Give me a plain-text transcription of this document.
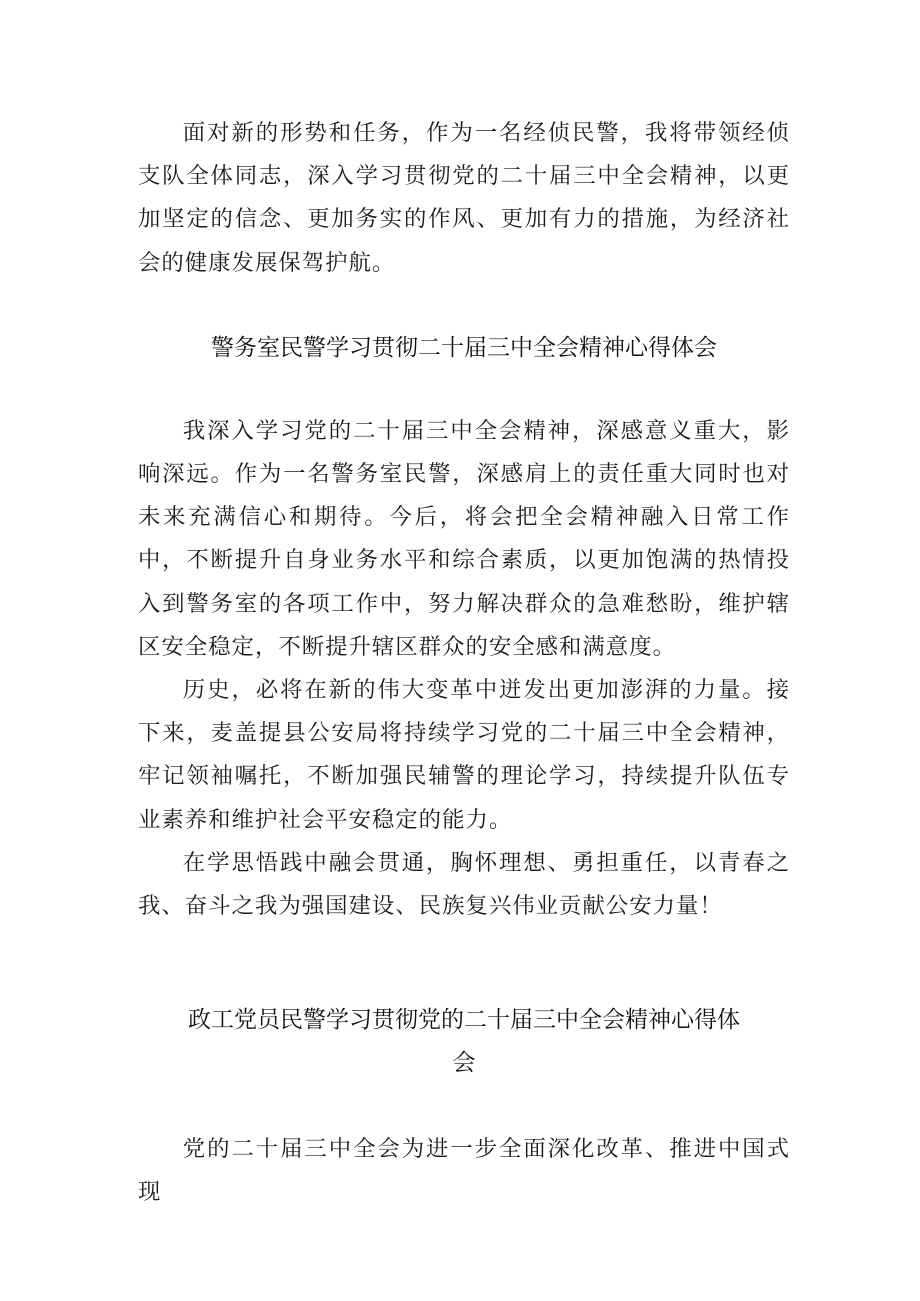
面对新的形势和任务，作为一名经侦民警，我将带领经侦支队全体同志，深入学习贯彻党的二十届三中全会精神，以更加坚定的信念、更加务实的作风、更加有力的措施，为经济社会的健康发展保驾护航。

警务室民警学习贯彻二十届三中全会精神心得体会

我深入学习党的二十届三中全会精神，深感意义重大，影响深远。作为一名警务室民警，深感肩上的责任重大同时也对未来充满信心和期待。今后，将会把全会精神融入日常工作中，不断提升自身业务水平和综合素质，以更加饱满的热情投入到警务室的各项工作中，努力解决群众的急难愁盼，维护辖区安全稳定，不断提升辖区群众的安全感和满意度。

历史，必将在新的伟大变革中迸发出更加澎湃的力量。接下来，麦盖提县公安局将持续学习党的二十届三中全会精神，牢记领袖嘱托，不断加强民辅警的理论学习，持续提升队伍专业素养和维护社会平安稳定的能力。

在学思悟践中融会贯通，胸怀理想、勇担重任，以青春之我、奋斗之我为强国建设、民族复兴伟业贡献公安力量！

政工党员民警学习贯彻党的二十届三中全会精神心得体会

党的二十届三中全会为进一步全面深化改革、推进中国式现
